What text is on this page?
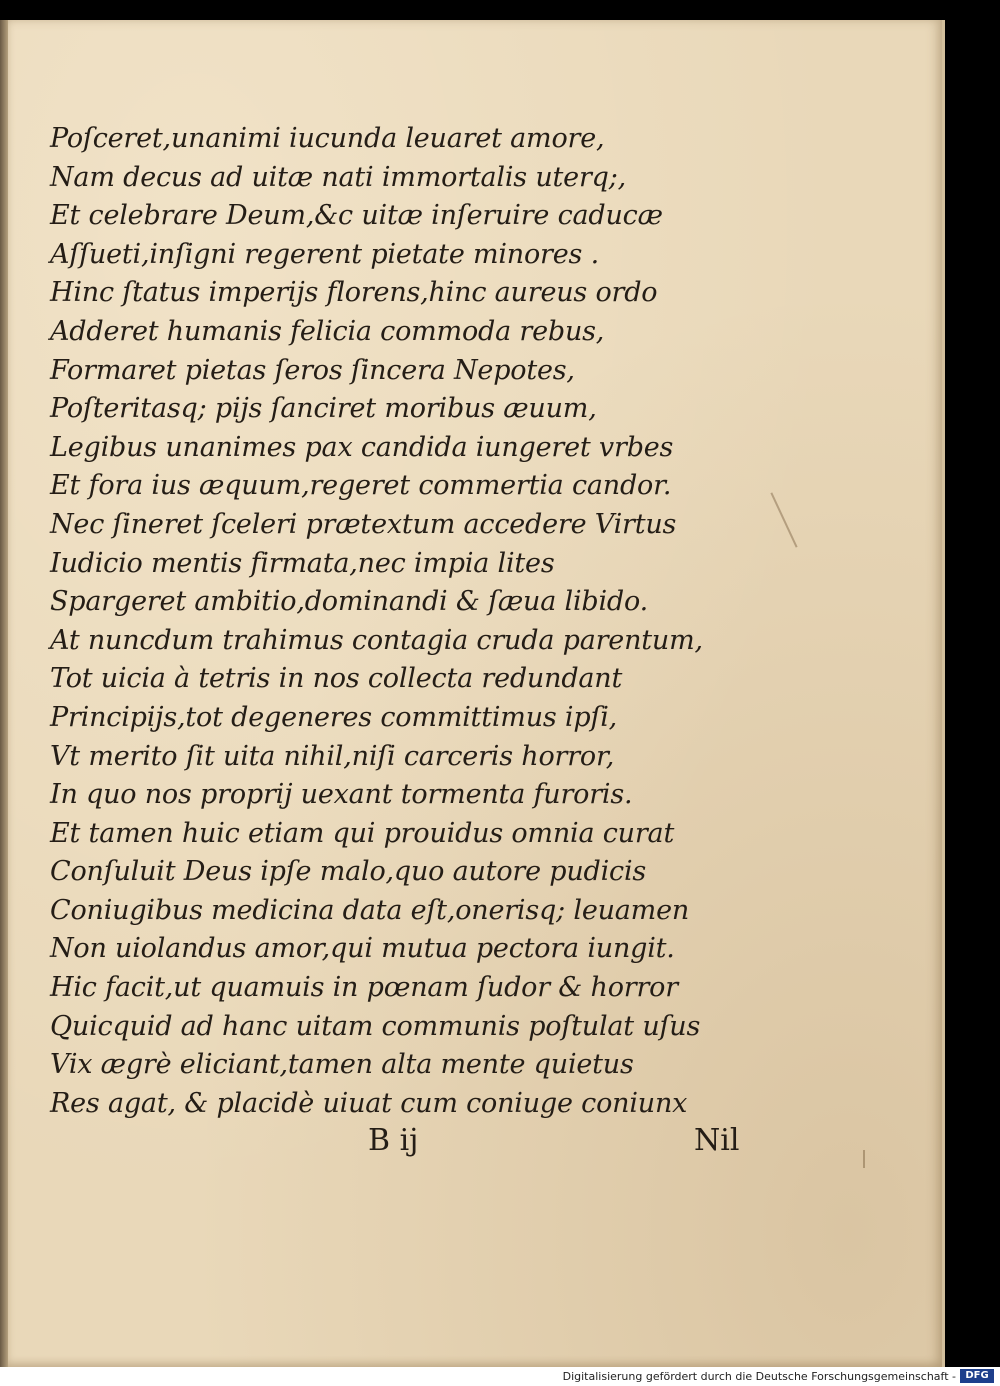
Poſceret,unanimi iucunda leuaret amore,
Nam decus ad uitæ nati immortalis uterq;,
Et celebrare Deum,&c uitæ inſeruire caducæ
Aſſueti,inſigni regerent pietate minores .
Hinc ſtatus imperijs florens,hinc aureus ordo
Adderet humanis felicia commoda rebus,
Formaret pietas ſeros ſincera Nepotes,
Poſteritasq; pijs ſanciret moribus æuum,
Legibus unanimes pax candida iungeret vrbes
Et fora ius æquum,regeret commertia candor.
Nec ſineret ſceleri prætextum accedere Virtus
Iudicio mentis firmata,nec impia lites
Spargeret ambitio,dominandi & ſæua libido.
At nuncdum trahimus contagia cruda parentum,
Tot uicia à tetris in nos collecta redundant
Principijs,tot degeneres committimus ipſi,
Vt merito ſit uita nihil,niſi carceris horror,
In quo nos proprij uexant tormenta furoris.
Et tamen huic etiam qui prouidus omnia curat
Conſuluit Deus ipſe malo,quo autore pudicis
Coniugibus medicina data eſt,onerisq; leuamen
Non uiolandus amor,qui mutua pectora iungit.
Hic facit,ut quamuis in pœnam ſudor & horror
Quicquid ad hanc uitam communis poſtulat uſus
Vix ægrè eliciant,tamen alta mente quietus
Res agat, & placidè uiuat cum coniuge coniunx
B ij	Nil
Digitalisierung gefördert durch die Deutsche Forschungsgemeinschaft - DFG
